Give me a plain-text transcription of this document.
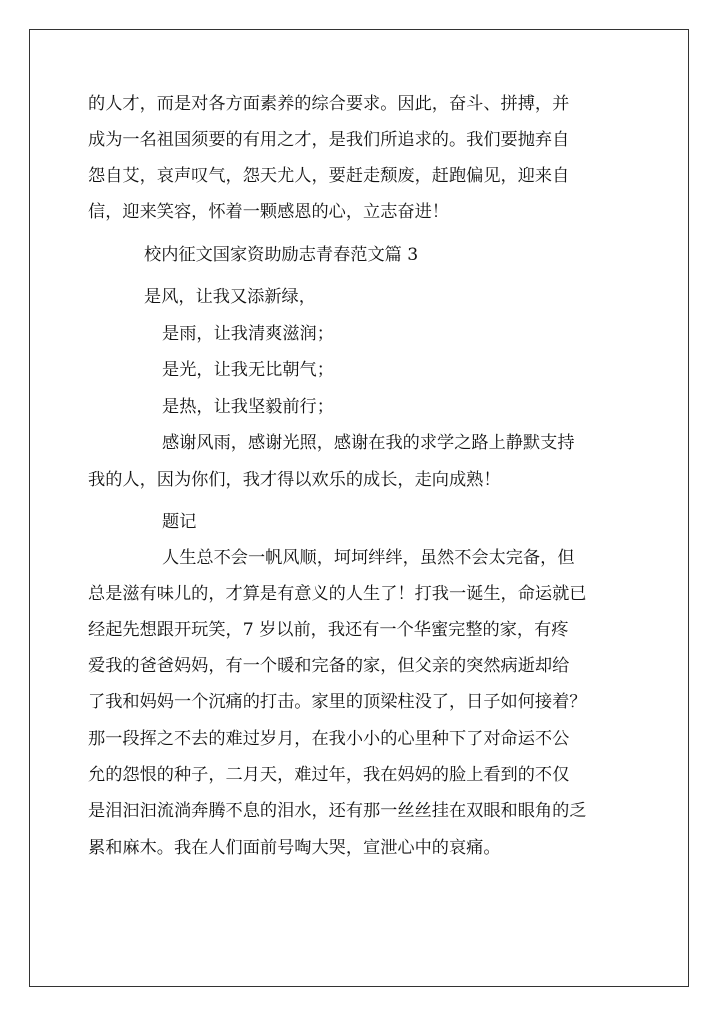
的人才，而是对各方面素养的综合要求。因此，奋斗、拼搏，并

成为一名祖国须要的有用之才，是我们所追求的。我们要抛弃自

怨自艾，哀声叹气，怨天尤人，要赶走颓废，赶跑偏见，迎来自

信，迎来笑容，怀着一颗感恩的心，立志奋进！

校内征文国家资助励志青春范文篇 3

是风，让我又添新绿，

是雨，让我清爽滋润；

是光，让我无比朝气；

是热，让我坚毅前行；

感谢风雨，感谢光照，感谢在我的求学之路上静默支持

我的人，因为你们，我才得以欢乐的成长，走向成熟！

题记

人生总不会一帆风顺，坷坷绊绊，虽然不会太完备，但

总是滋有味儿的，才算是有意义的人生了！打我一诞生，命运就已

经起先想跟开玩笑，7 岁以前，我还有一个华蜜完整的家，有疼

爱我的爸爸妈妈，有一个暖和完备的家，但父亲的突然病逝却给

了我和妈妈一个沉痛的打击。家里的顶梁柱没了，日子如何接着？

那一段挥之不去的难过岁月，在我小小的心里种下了对命运不公

允的怨恨的种子，二月天，难过年，我在妈妈的脸上看到的不仅

是泪汩汩流淌奔腾不息的泪水，还有那一丝丝挂在双眼和眼角的乏

累和麻木。我在人们面前号啕大哭，宣泄心中的哀痛。
